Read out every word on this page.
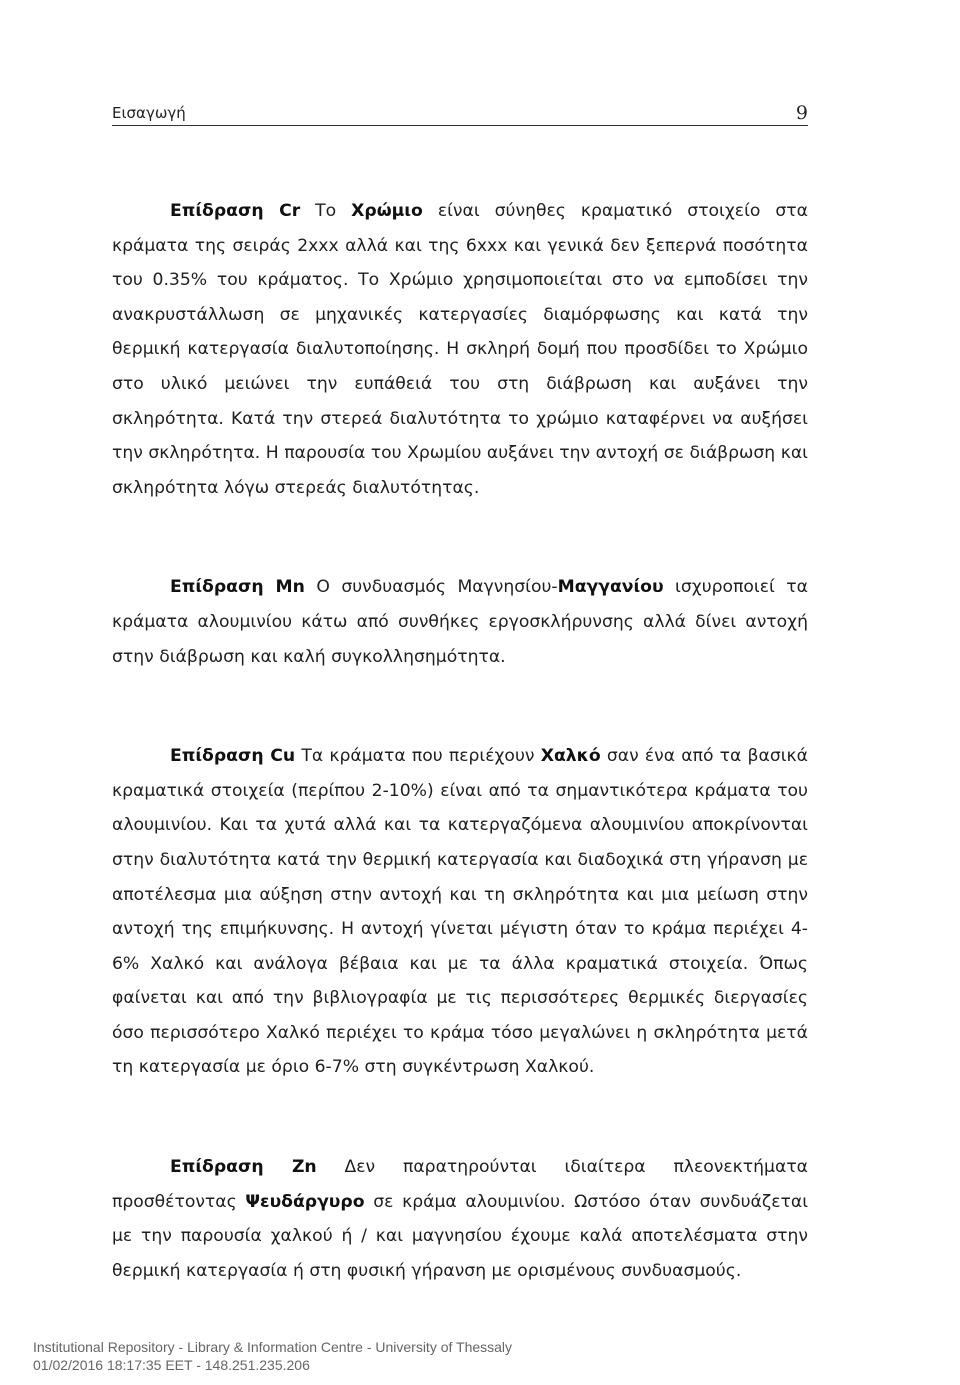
Εισαγωγή	9

Επίδραση Cr Το Χρώμιο είναι σύνηθες κραματικό στοιχείο στα κράματα της σειράς 2xxx αλλά και της 6xxx και γενικά δεν ξεπερνά ποσότητα του 0.35% του κράματος. Το Χρώμιο χρησιμοποιείται στο να εμποδίσει την ανακρυστάλλωση σε μηχανικές κατεργασίες διαμόρφωσης και κατά την θερμική κατεργασία διαλυτοποίησης. Η σκληρή δομή που προσδίδει το Χρώμιο στο υλικό μειώνει την ευπάθειά του στη διάβρωση και αυξάνει την σκληρότητα. Κατά την στερεά διαλυτότητα το χρώμιο καταφέρνει να αυξήσει την σκληρότητα. Η παρουσία του Χρωμίου αυξάνει την αντοχή σε διάβρωση και σκληρότητα λόγω στερεάς διαλυτότητας.

Επίδραση Mn Ο συνδυασμός Μαγνησίου-Μαγγανίου ισχυροποιεί τα κράματα αλουμινίου κάτω από συνθήκες εργοσκλήρυνσης αλλά δίνει αντοχή στην διάβρωση και καλή συγκολλησημότητα.

Επίδραση Cu Τα κράματα που περιέχουν Χαλκό σαν ένα από τα βασικά κραματικά στοιχεία (περίπου 2-10%) είναι από τα σημαντικότερα κράματα του αλουμινίου. Και τα χυτά αλλά και τα κατεργαζόμενα αλουμινίου αποκρίνονται στην διαλυτότητα κατά την θερμική κατεργασία και διαδοχικά στη γήρανση με αποτέλεσμα μια αύξηση στην αντοχή και τη σκληρότητα και μια μείωση στην αντοχή της επιμήκυνσης. Η αντοχή γίνεται μέγιστη όταν το κράμα περιέχει 4-6% Χαλκό και ανάλογα βέβαια και με τα άλλα κραματικά στοιχεία. Όπως φαίνεται και από την βιβλιογραφία με τις περισσότερες θερμικές διεργασίες όσο περισσότερο Χαλκό περιέχει το κράμα τόσο μεγαλώνει η σκληρότητα μετά τη κατεργασία με όριο 6-7% στη συγκέντρωση Χαλκού.

Επίδραση Zn Δεν παρατηρούνται ιδιαίτερα πλεονεκτήματα προσθέτοντας Ψευδάργυρο σε κράμα αλουμινίου. Ωστόσο όταν συνδυάζεται με την παρουσία χαλκού ή / και μαγνησίου έχουμε καλά αποτελέσματα στην θερμική κατεργασία ή στη φυσική γήρανση με ορισμένους συνδυασμούς.

Institutional Repository - Library & Information Centre - University of Thessaly
01/02/2016 18:17:35 EET - 148.251.235.206
